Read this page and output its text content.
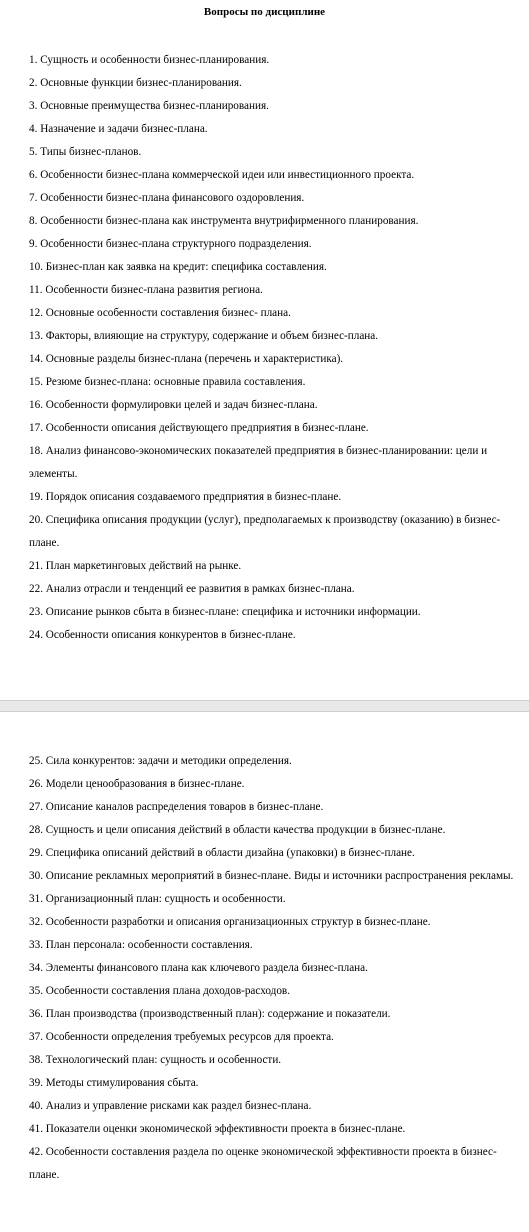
Вопросы по дисциплине
1. Сущность и особенности бизнес-планирования.
2. Основные функции бизнес-планирования.
3. Основные преимущества бизнес-планирования.
4. Назначение и задачи бизнес-плана.
5. Типы бизнес-планов.
6. Особенности бизнес-плана коммерческой идеи или инвестиционного проекта.
7. Особенности бизнес-плана финансового оздоровления.
8. Особенности бизнес-плана как инструмента внутрифирменного планирования.
9. Особенности бизнес-плана структурного подразделения.
10. Бизнес-план как заявка на кредит: специфика составления.
11. Особенности бизнес-плана развития региона.
12. Основные особенности составления бизнес- плана.
13. Факторы, влияющие на структуру, содержание и объем бизнес-плана.
14. Основные разделы бизнес-плана (перечень и характеристика).
15. Резюме бизнес-плана: основные правила составления.
16. Особенности формулировки целей и задач бизнес-плана.
17. Особенности описания действующего предприятия в бизнес-плане.
18. Анализ финансово-экономических показателей предприятия в бизнес-планировании: цели и элементы.
19. Порядок описания создаваемого предприятия в бизнес-плане.
20. Специфика описания продукции (услуг), предполагаемых к производству (оказанию) в бизнес-плане.
21. План маркетинговых действий на рынке.
22. Анализ отрасли и тенденций ее развития в рамках бизнес-плана.
23. Описание рынков сбыта в бизнес-плане: специфика и источники информации.
24. Особенности описания конкурентов в бизнес-плане.
25. Сила конкурентов: задачи и методики определения.
26. Модели ценообразования в бизнес-плане.
27. Описание каналов распределения товаров в бизнес-плане.
28. Сущность и цели описания действий в области качества продукции в бизнес-плане.
29. Специфика описаний действий в области дизайна (упаковки) в бизнес-плане.
30. Описание рекламных мероприятий в бизнес-плане. Виды и источники распространения рекламы.
31. Организационный план: сущность и особенности.
32. Особенности разработки и описания организационных структур в бизнес-плане.
33. План персонала: особенности составления.
34. Элементы финансового плана как ключевого раздела бизнес-плана.
35. Особенности составления плана доходов-расходов.
36. План производства (производственный план): содержание и показатели.
37. Особенности определения требуемых ресурсов для проекта.
38. Технологический план: сущность и особенности.
39. Методы стимулирования сбыта.
40. Анализ и управление рисками как раздел бизнес-плана.
41. Показатели оценки экономической эффективности проекта в бизнес-плане.
42. Особенности составления раздела по оценке экономической эффективности проекта в бизнес-плане.
